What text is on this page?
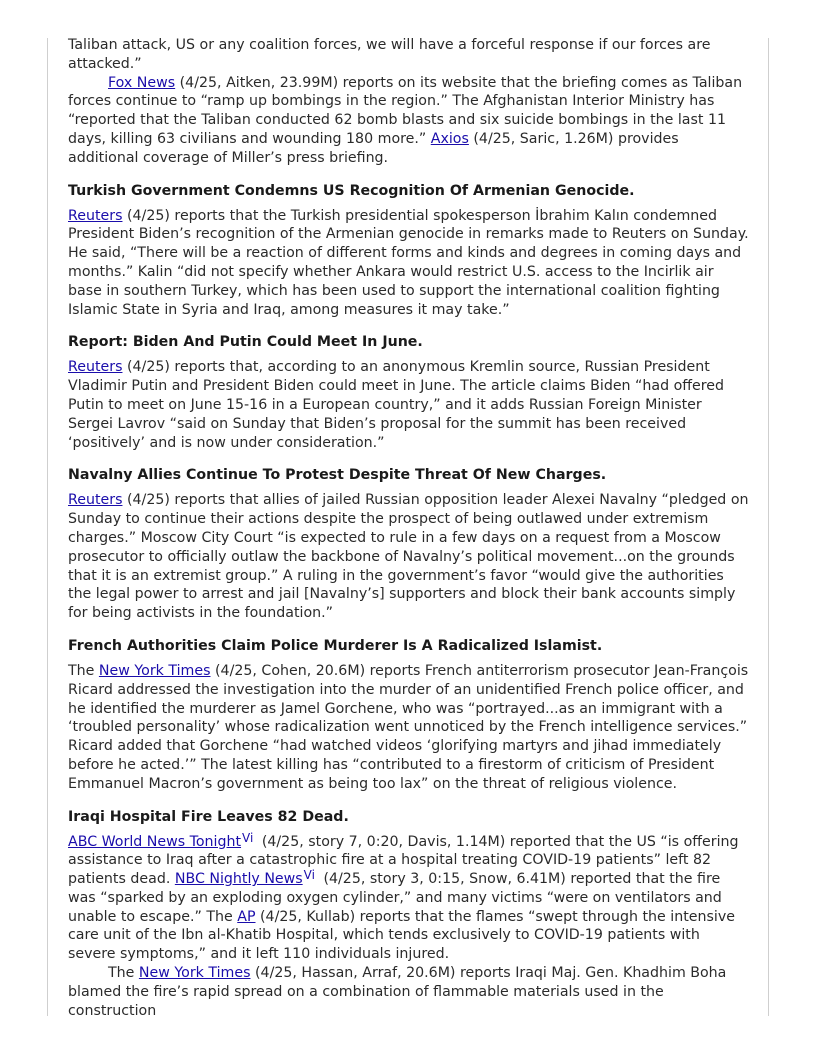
Taliban attack, US or any coalition forces, we will have a forceful response if our forces are attacked.”

Fox News (4/25, Aitken, 23.99M) reports on its website that the briefing comes as Taliban forces continue to “ramp up bombings in the region.” The Afghanistan Interior Ministry has “reported that the Taliban conducted 62 bomb blasts and six suicide bombings in the last 11 days, killing 63 civilians and wounding 180 more.” Axios (4/25, Saric, 1.26M) provides additional coverage of Miller’s press briefing.

Turkish Government Condemns US Recognition Of Armenian Genocide.

Reuters (4/25) reports that the Turkish presidential spokesperson İbrahim Kalın condemned President Biden’s recognition of the Armenian genocide in remarks made to Reuters on Sunday. He said, “There will be a reaction of different forms and kinds and degrees in coming days and months.” Kalin “did not specify whether Ankara would restrict U.S. access to the Incirlik air base in southern Turkey, which has been used to support the international coalition fighting Islamic State in Syria and Iraq, among measures it may take.”

Report: Biden And Putin Could Meet In June.

Reuters (4/25) reports that, according to an anonymous Kremlin source, Russian President Vladimir Putin and President Biden could meet in June. The article claims Biden “had offered Putin to meet on June 15-16 in a European country,” and it adds Russian Foreign Minister Sergei Lavrov “said on Sunday that Biden’s proposal for the summit has been received ‘positively’ and is now under consideration.”

Navalny Allies Continue To Protest Despite Threat Of New Charges.

Reuters (4/25) reports that allies of jailed Russian opposition leader Alexei Navalny “pledged on Sunday to continue their actions despite the prospect of being outlawed under extremism charges.” Moscow City Court “is expected to rule in a few days on a request from a Moscow prosecutor to officially outlaw the backbone of Navalny’s political movement...on the grounds that it is an extremist group.” A ruling in the government’s favor “would give the authorities the legal power to arrest and jail [Navalny’s] supporters and block their bank accounts simply for being activists in the foundation.”

French Authorities Claim Police Murderer Is A Radicalized Islamist.

The New York Times (4/25, Cohen, 20.6M) reports French antiterrorism prosecutor Jean-François Ricard addressed the investigation into the murder of an unidentified French police officer, and he identified the murderer as Jamel Gorchene, who was “portrayed...as an immigrant with a ‘troubled personality’ whose radicalization went unnoticed by the French intelligence services.” Ricard added that Gorchene “had watched videos ‘glorifying martyrs and jihad immediately before he acted.’” The latest killing has “contributed to a firestorm of criticism of President Emmanuel Macron’s government as being too lax” on the threat of religious violence.

Iraqi Hospital Fire Leaves 82 Dead.

ABC World News Tonight$^{Vi}$ (4/25, story 7, 0:20, Davis, 1.14M) reported that the US “is offering assistance to Iraq after a catastrophic fire at a hospital treating COVID-19 patients” left 82 patients dead. NBC Nightly News$^{Vi}$ (4/25, story 3, 0:15, Snow, 6.41M) reported that the fire was “sparked by an exploding oxygen cylinder,” and many victims “were on ventilators and unable to escape.” The AP (4/25, Kullab) reports that the flames “swept through the intensive care unit of the Ibn al-Khatib Hospital, which tends exclusively to COVID-19 patients with severe symptoms,” and it left 110 individuals injured.

The New York Times (4/25, Hassan, Arraf, 20.6M) reports Iraqi Maj. Gen. Khadhim Boha blamed the fire’s rapid spread on a combination of flammable materials used in the construction
